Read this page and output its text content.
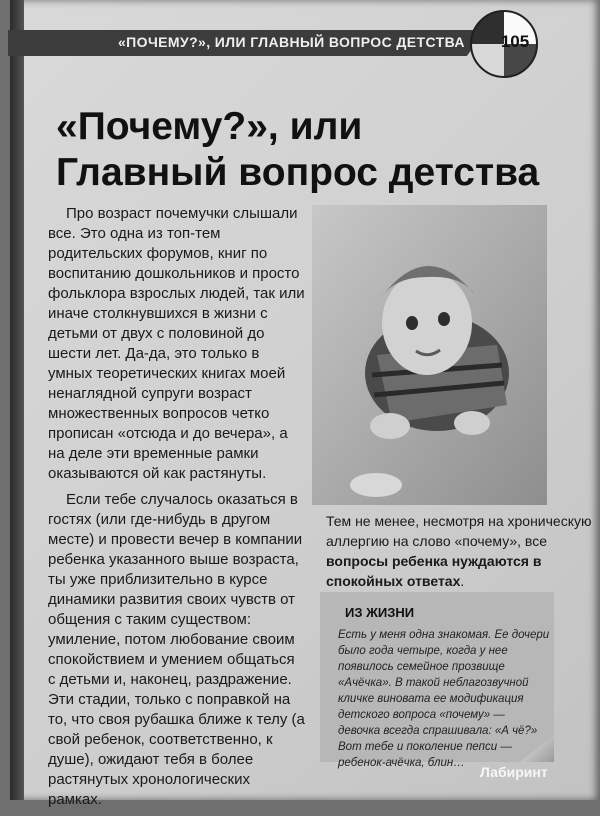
«ПОЧЕМУ?», ИЛИ ГЛАВНЫЙ ВОПРОС ДЕТСТВА	105
«Почему?», или
Главный вопрос детства

Про возраст почемучки слышали все. Это одна из топ-тем родительских форумов, книг по воспитанию дошкольников и просто фольклора взрослых людей, так или иначе столкнувшихся в жизни с детьми от двух с половиной до шести лет. Да-да, это только в умных теоретических книгах моей ненаглядной супруги возраст множественных вопросов четко прописан «отсюда и до вечера», а на деле эти временные рамки оказываются ой как растянуты.

Если тебе случалось оказаться в гостях (или где-нибудь в другом месте) и провести вечер в компании ребенка указанного выше возраста, ты уже приблизительно в курсе динамики развития своих чувств от общения с таким существом: умиление, потом любование своим спокойствием и умением общаться с детьми и, наконец, раздражение. Эти стадии, только с поправкой на то, что своя рубашка ближе к телу (а свой ребенок, соответственно, к душе), ожидают тебя в более растянутых хронологических рамках.

Тем не менее, несмотря на хроническую аллергию на слово «почему», все вопросы ребенка нуждаются в спокойных ответах.
ИЗ ЖИЗНИ

Есть у меня одна знакомая. Ее дочери было года четыре, когда у нее появилось семейное прозвище «Ачёчка». В такой неблагозвучной кличке виновата ее модификация детского вопроса «почему» — девочка всегда спрашивала: «А чё?» Вот тебе и поколение пепси — ребенок-ачёчка, блин…

Лабиринт
